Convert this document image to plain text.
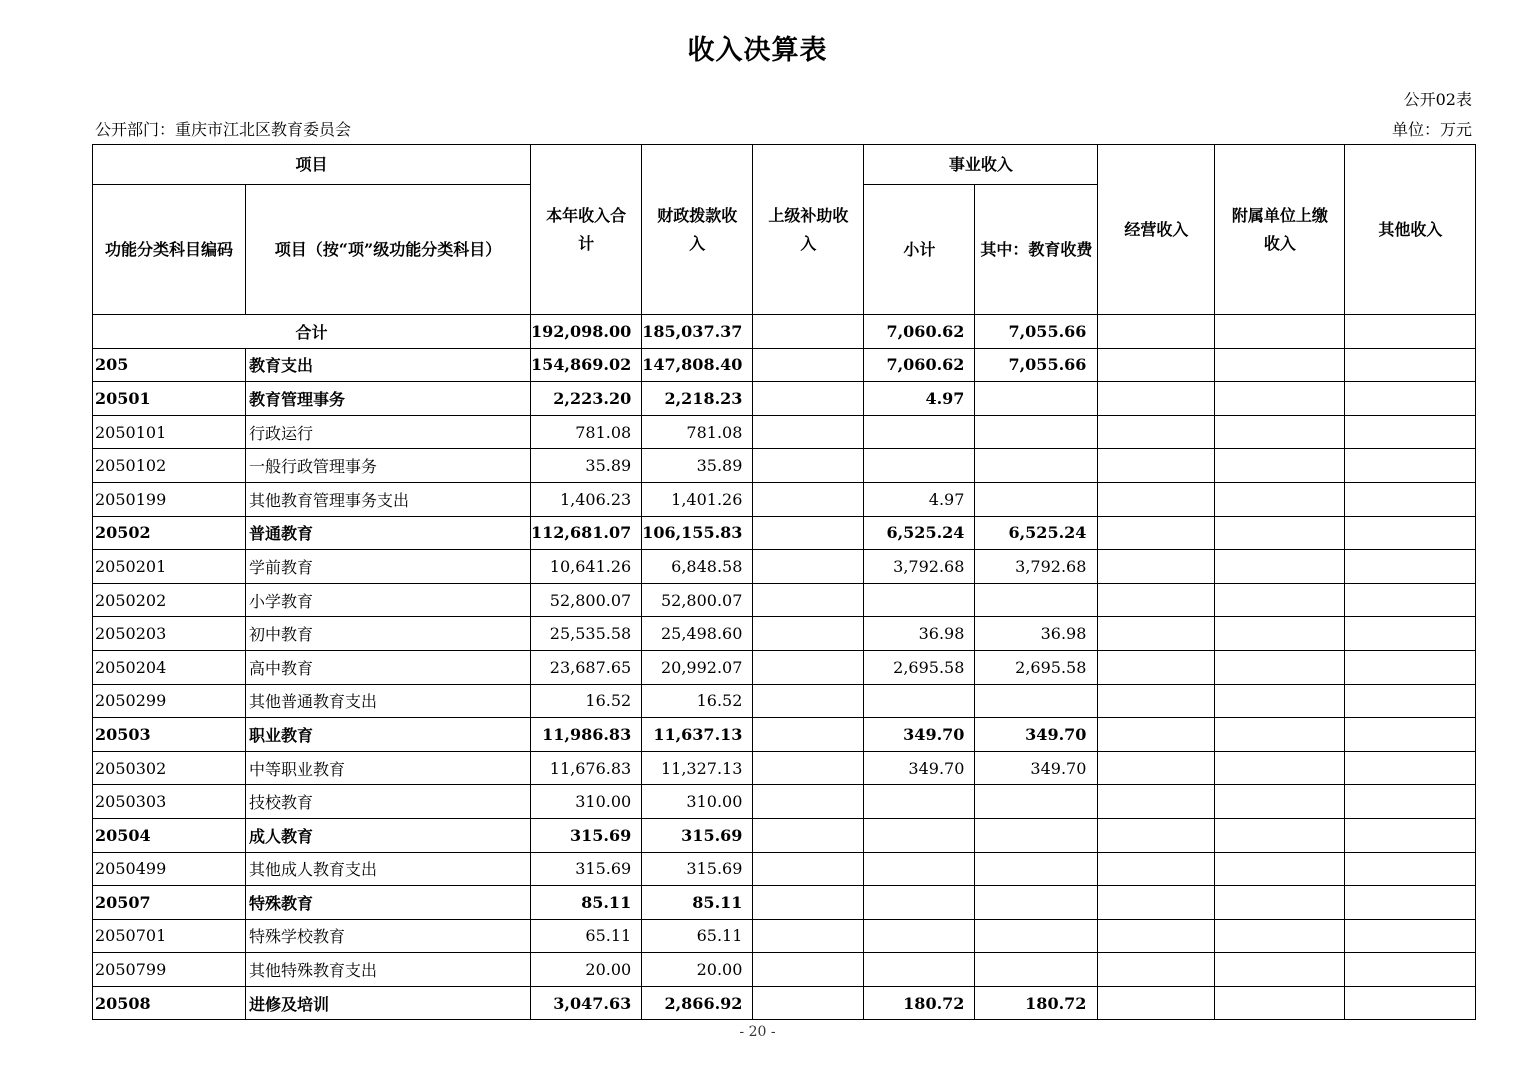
收入决算表
公开02表
公开部门：重庆市江北区教育委员会	单位：万元
项目		本年收入合计	财政拨款收入	上级补助收入	事业收入		经营收入	附属单位上缴收入	其他收入
功能分类科目编码	项目（按“项”级功能分类科目）				小计	其中：教育收费			
合计		192,098.00	185,037.37		7,060.62	7,055.66			
205	教育支出	154,869.02	147,808.40		7,060.62	7,055.66			
20501	教育管理事务	2,223.20	2,218.23		4.97				
2050101	行政运行	781.08	781.08						
2050102	一般行政管理事务	35.89	35.89						
2050199	其他教育管理事务支出	1,406.23	1,401.26		4.97				
20502	普通教育	112,681.07	106,155.83		6,525.24	6,525.24			
2050201	学前教育	10,641.26	6,848.58		3,792.68	3,792.68			
2050202	小学教育	52,800.07	52,800.07						
2050203	初中教育	25,535.58	25,498.60		36.98	36.98			
2050204	高中教育	23,687.65	20,992.07		2,695.58	2,695.58			
2050299	其他普通教育支出	16.52	16.52						
20503	职业教育	11,986.83	11,637.13		349.70	349.70			
2050302	中等职业教育	11,676.83	11,327.13		349.70	349.70			
2050303	技校教育	310.00	310.00						
20504	成人教育	315.69	315.69						
2050499	其他成人教育支出	315.69	315.69						
20507	特殊教育	85.11	85.11						
2050701	特殊学校教育	65.11	65.11						
2050799	其他特殊教育支出	20.00	20.00						
20508	进修及培训	3,047.63	2,866.92		180.72	180.72			
- 20 -
